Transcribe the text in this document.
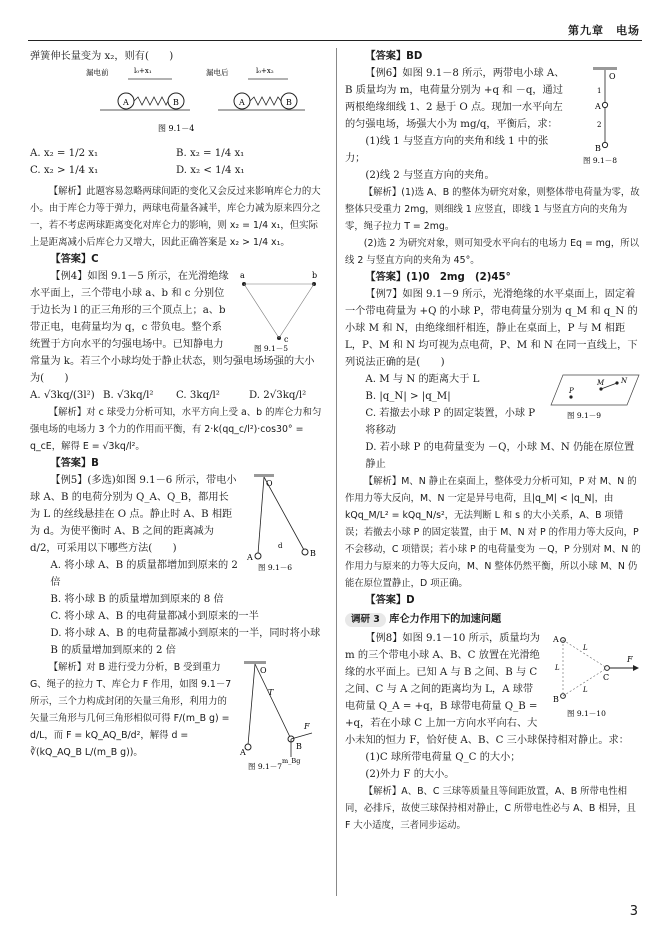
第九章　电场

弹簧伸长量变为 x₂，则有(　　)

漏电前	漏电后
l₀+x₁	l₀+x₂
A	B	A	B
图 9.1－4
A. x₂ = 1/2 x₁	B. x₂ = 1/4 x₁
C. x₂ > 1/4 x₁	D. x₂ < 1/4 x₁

【解析】此题容易忽略两球间距的变化又会反过来影响库仑力的大小。由于库仑力等于弹力，两球电荷量各减半，库仑力减为原来四分之一，若不考虑两球距离变化对库仑力的影响，则 x₂ = 1/4 x₁，但实际上是距离减小后库仑力又增大，因此正确答案是 x₂ > 1/4 x₁。

【答案】C

a	b
c
图 9.1－5

【例4】如图 9.1－5 所示，在光滑绝缘水平面上，三个带电小球 a、b 和 c 分别位于边长为 l 的正三角形的三个顶点上；a、b 带正电，电荷量均为 q，c 带负电。整个系统置于方向水平的匀强电场中。已知静电力常量为 k。若三个小球均处于静止状态，则匀强电场场强的大小为(　　)

A. √3kq/(3l²) B. √3kq/l²	C. 3kq/l²	D. 2√3kq/l²

【解析】对 c 球受力分析可知，水平方向上受 a、b 的库仑力和匀强电场的电场力 3 个力的作用而平衡，有 2·k(qq_c/l²)·cos30° = q_cE，解得 E = √3kq/l²。

【答案】B

O
A	B
d
图 9.1－6

【例5】(多选)如图 9.1－6 所示，带电小球 A、B 的电荷分别为 Q_A、Q_B，都用长为 L 的丝线悬挂在 O 点。静止时 A、B 相距为 d。为使平衡时 A、B 之间的距离减为 d/2，可采用以下哪些方法(　　)

A. 将小球 A、B 的质量都增加到原来的 2 倍

B. 将小球 B 的质量增加到原来的 8 倍

C. 将小球 A、B 的电荷量都减小到原来的一半

D. 将小球 A、B 的电荷量都减小到原来的一半，同时将小球 B 的质量增加到原来的 2 倍

O
A
T
F
B
m_Bg
图 9.1－7

【解析】对 B 进行受力分析，B 受到重力 G、绳子的拉力 T、库仑力 F 作用，如图 9.1－7 所示，三个力构成封闭的矢量三角形，利用力的矢量三角形与几何三角形相似可得 F/(m_B g) = d/L，而 F = kQ_AQ_B/d²，解得 d = ∛(kQ_AQ_B L/(m_B g))。

【答案】BD

O
1
A
2
B
图 9.1－8

【例6】如图 9.1－8 所示，两带电小球 A、B 质量均为 m，电荷量分别为 +q 和 －q，通过两根绝缘细线 1、2 悬于 O 点。现加一水平向左的匀强电场，场强大小为 mg/q，平衡后，求：

(1)线 1 与竖直方向的夹角和线 1 中的张力；

(2)线 2 与竖直方向的夹角。

【解析】(1)选 A、B 的整体为研究对象，则整体带电荷量为零，故整体只受重力 2mg，则细线 1 应竖直，即线 1 与竖直方向的夹角为零，绳子拉力 T = 2mg。

(2)选 2 为研究对象，则可知受水平向右的电场力 Eq = mg，所以线 2 与竖直方向的夹角为 45°。

【答案】(1)0　2mg　(2)45°

【例7】如图 9.1－9 所示，光滑绝缘的水平桌面上，固定着一个带电荷量为 +Q 的小球 P，带电荷量分别为 q_M 和 q_N 的小球 M 和 N，由绝缘细杆相连，静止在桌面上，P 与 M 相距 L，P、M 和 N 均可视为点电荷，P、M 和 N 在同一直线上，下列说法正确的是(　　)

P
M N
图 9.1－9

A. M 与 N 的距离大于 L

B. |q_N| > |q_M|

C. 若撤去小球 P 的固定装置，小球 P 将移动

D. 若小球 P 的电荷量变为 －Q，小球 M、N 仍能在原位置静止

【解析】M、N 静止在桌面上，整体受力分析可知，P 对 M、N 的作用力等大反向，M、N 一定是异号电荷，且|q_M| < |q_N|，由 kQq_M/L² = kQq_N/s²，无法判断 L 和 s 的大小关系，A、B 项错误；若撤去小球 P 的固定装置，由于 M、N 对 P 的作用力等大反向，P 不会移动，C 项错误；若小球 P 的电荷量变为 －Q，P 分别对 M、N 的作用力与原来的力等大反向，M、N 整体仍然平衡，所以小球 M、N 仍能在原位置静止，D 项正确。

【答案】D

调研 3 库仑力作用下的加速问题

A
B
C
L
L
L
F
图 9.1－10

【例8】如图 9.1－10 所示，质量均为 m 的三个带电小球 A、B、C 放置在光滑绝缘的水平面上。已知 A 与 B 之间、B 与 C 之间、C 与 A 之间的距离均为 L，A 球带电荷量 Q_A = +q，B 球带电荷量 Q_B = +q，若在小球 C 上加一方向水平向右、大小未知的恒力 F，恰好使 A、B、C 三小球保持相对静止。求：

(1)C 球所带电荷量 Q_C 的大小；

(2)外力 F 的大小。

【解析】A、B、C 三球等质量且等间距放置，A、B 所带电性相同，必排斥，故使三球保持相对静止，C 所带电性必与 A、B 相异，且 F 大小适度，三者同步运动。

3
